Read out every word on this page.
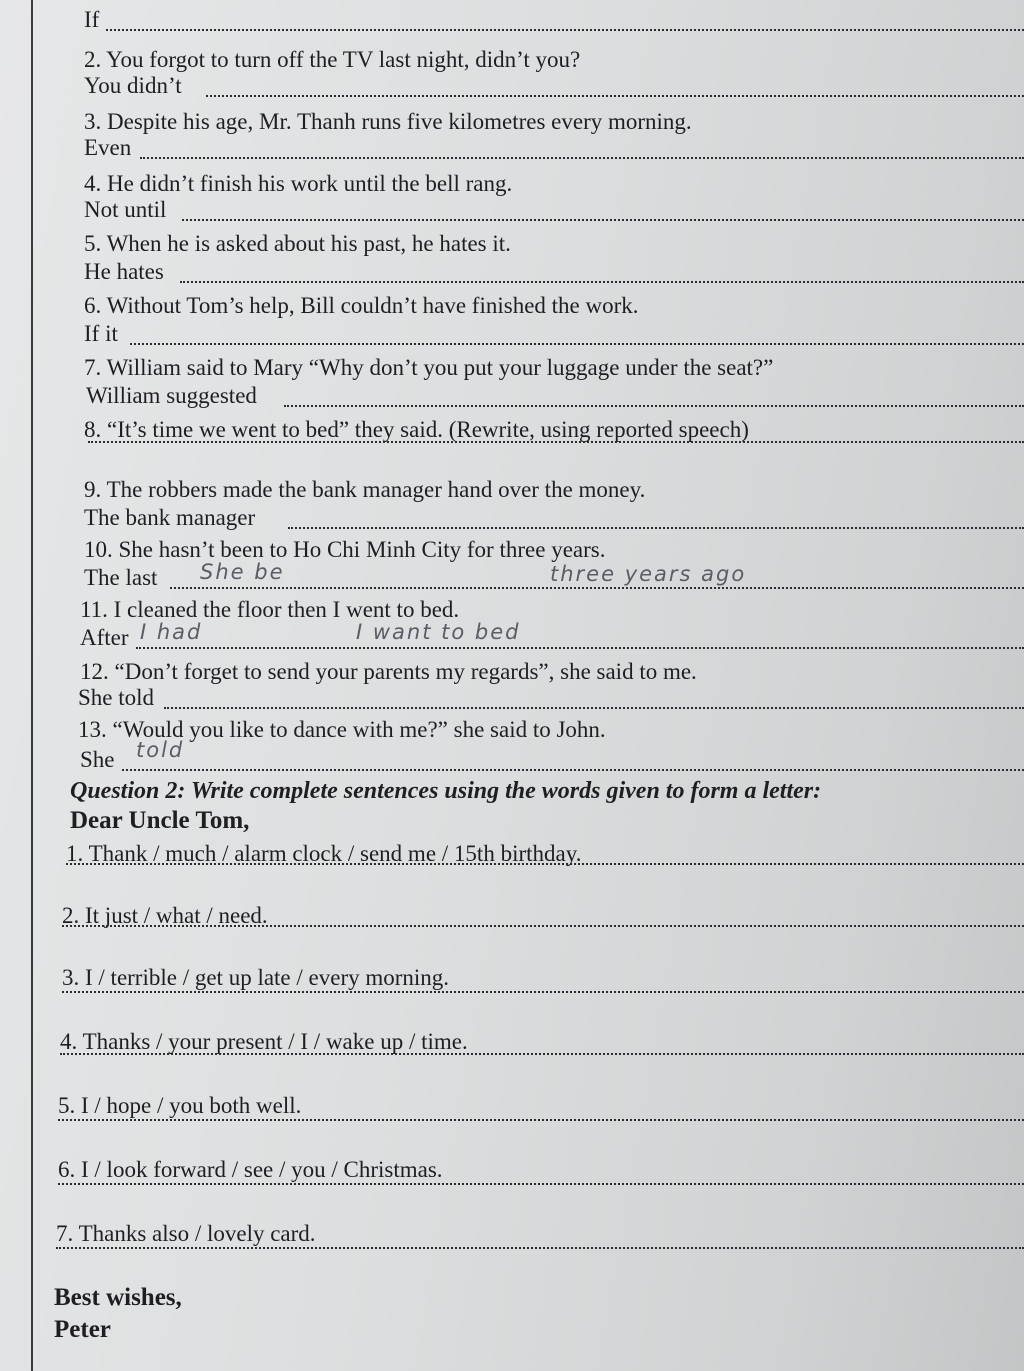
If
2. You forgot to turn off the TV last night, didn’t you?
You didn’t
3. Despite his age, Mr. Thanh runs five kilometres every morning.
Even
4. He didn’t finish his work until the bell rang.
Not until
5. When he is asked about his past, he hates it.
He hates
6. Without Tom’s help, Bill couldn’t have finished the work.
If it
7. William said to Mary “Why don’t you put your luggage under the seat?”
William suggested
8. “It’s time we went to bed” they said. (Rewrite, using reported speech)
9. The robbers made the bank manager hand over the money.
The bank manager
10. She hasn’t been to Ho Chi Minh City for three years.
The last	She be	three years ago
11. I cleaned the floor then I went to bed.
After I had	I want to bed
12. “Don’t forget to send your parents my regards”, she said to me.
She told
13. “Would you like to dance with me?” she said to John.
She	told
Question 2: Write complete sentences using the words given to form a letter:
Dear Uncle Tom,
1. Thank / much / alarm clock / send me / 15th birthday.
2. It just / what / need.
3. I / terrible / get up late / every morning.
4. Thanks / your present / I / wake up / time.
5. I / hope / you both well.
6. I / look forward / see / you / Christmas.
7. Thanks also / lovely card.
Best wishes,
Peter
